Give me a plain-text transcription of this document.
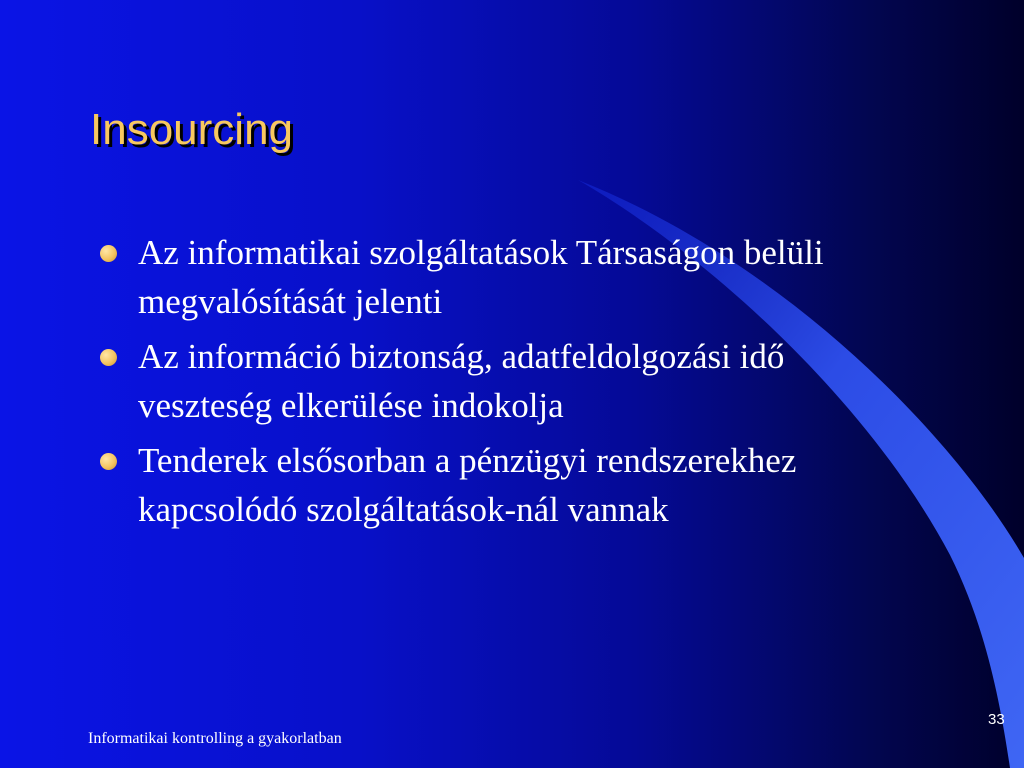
Insourcing
Az informatikai szolgáltatások Társaságon belüli megvalósítását jelenti
Az információ biztonság, adatfeldolgozási idő veszteség elkerülése indokolja
Tenderek elsősorban a pénzügyi rendszerekhez kapcsolódó szolgáltatások-nál vannak
Informatikai kontrolling a gyakorlatban
33
